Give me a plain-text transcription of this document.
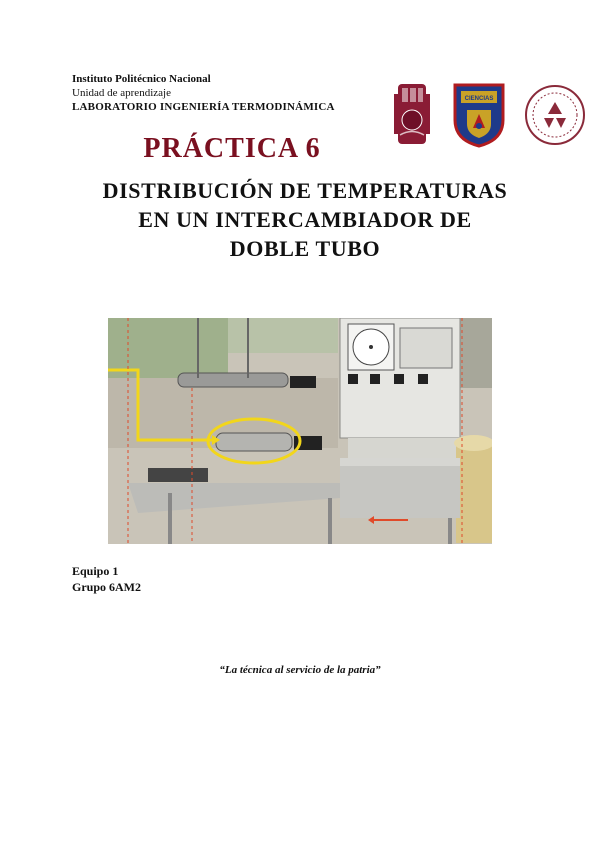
Instituto Politécnico Nacional
Unidad de aprendizaje
LABORATORIO INGENIERÍA TERMODINÁMICA
CIENCIAS
PRÁCTICA 6
DISTRIBUCIÓN DE TEMPERATURAS
EN UN INTERCAMBIADOR DE
DOBLE TUBO
Equipo 1
Grupo 6AM2
“La técnica al servicio de la patria”
